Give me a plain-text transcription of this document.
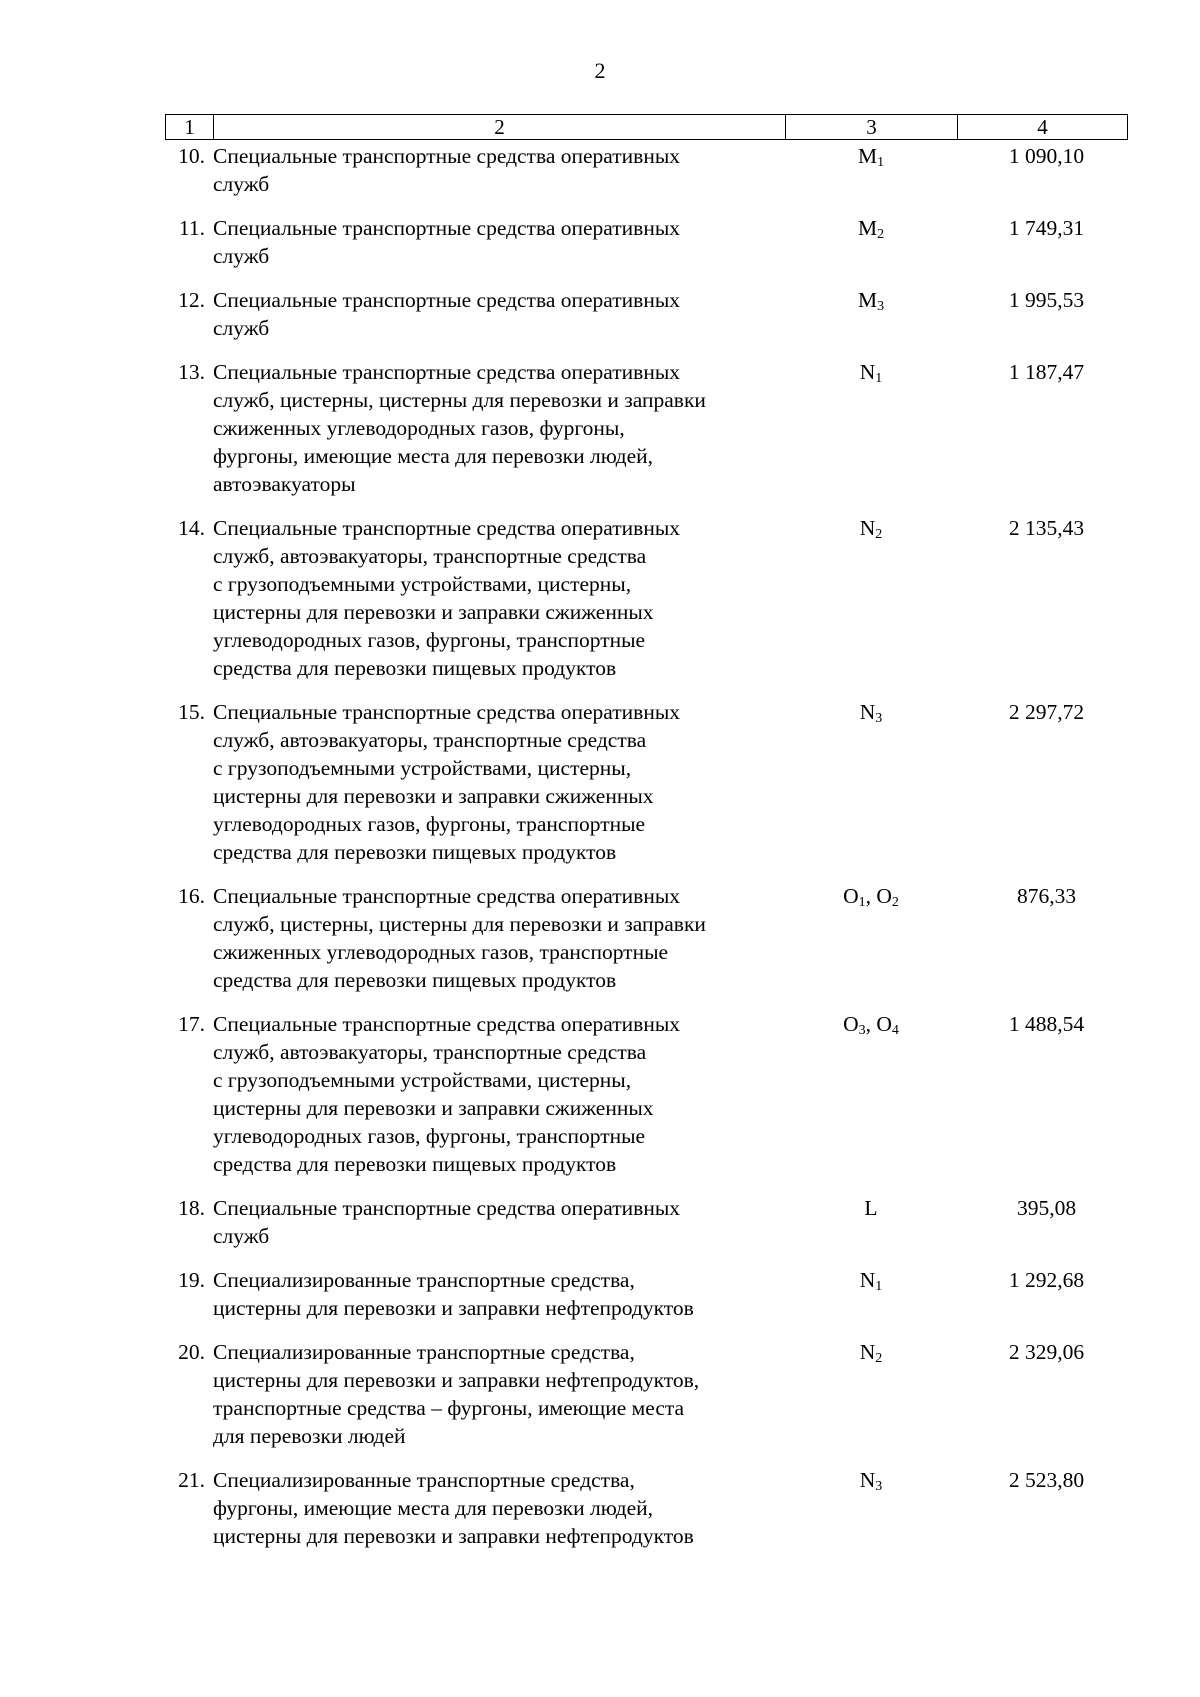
2
1	2	3	4
10. Специальные транспортные средства оперативных
служб
$M_1$	1 090,10
11. Специальные транспортные средства оперативных
служб
$M_2$	1 749,31
12. Специальные транспортные средства оперативных
служб
$M_3$	1 995,53
13. Специальные транспортные средства оперативных
служб, цистерны, цистерны для перевозки и заправки
сжиженных углеводородных газов, фургоны,
фургоны, имеющие места для перевозки людей,
автоэвакуаторы
$N_1$	1 187,47
14. Специальные транспортные средства оперативных
служб, автоэвакуаторы, транспортные средства
с грузоподъемными устройствами, цистерны,
цистерны для перевозки и заправки сжиженных
углеводородных газов, фургоны, транспортные
средства для перевозки пищевых продуктов
$N_2$	2 135,43
15. Специальные транспортные средства оперативных
служб, автоэвакуаторы, транспортные средства
с грузоподъемными устройствами, цистерны,
цистерны для перевозки и заправки сжиженных
углеводородных газов, фургоны, транспортные
средства для перевозки пищевых продуктов
$N_3$	2 297,72
16. Специальные транспортные средства оперативных
служб, цистерны, цистерны для перевозки и заправки
сжиженных углеводородных газов, транспортные
средства для перевозки пищевых продуктов
$O_1$, $O_2$	876,33
17. Специальные транспортные средства оперативных
служб, автоэвакуаторы, транспортные средства
с грузоподъемными устройствами, цистерны,
цистерны для перевозки и заправки сжиженных
углеводородных газов, фургоны, транспортные
средства для перевозки пищевых продуктов
$O_3$, $O_4$	1 488,54
18. Специальные транспортные средства оперативных
служб
L	395,08
19. Специализированные транспортные средства,
цистерны для перевозки и заправки нефтепродуктов
$N_1$	1 292,68
20. Специализированные транспортные средства,
цистерны для перевозки и заправки нефтепродуктов,
транспортные средства – фургоны, имеющие места
для перевозки людей
$N_2$	2 329,06
21. Специализированные транспортные средства,
фургоны, имеющие места для перевозки людей,
цистерны для перевозки и заправки нефтепродуктов
$N_3$	2 523,80
